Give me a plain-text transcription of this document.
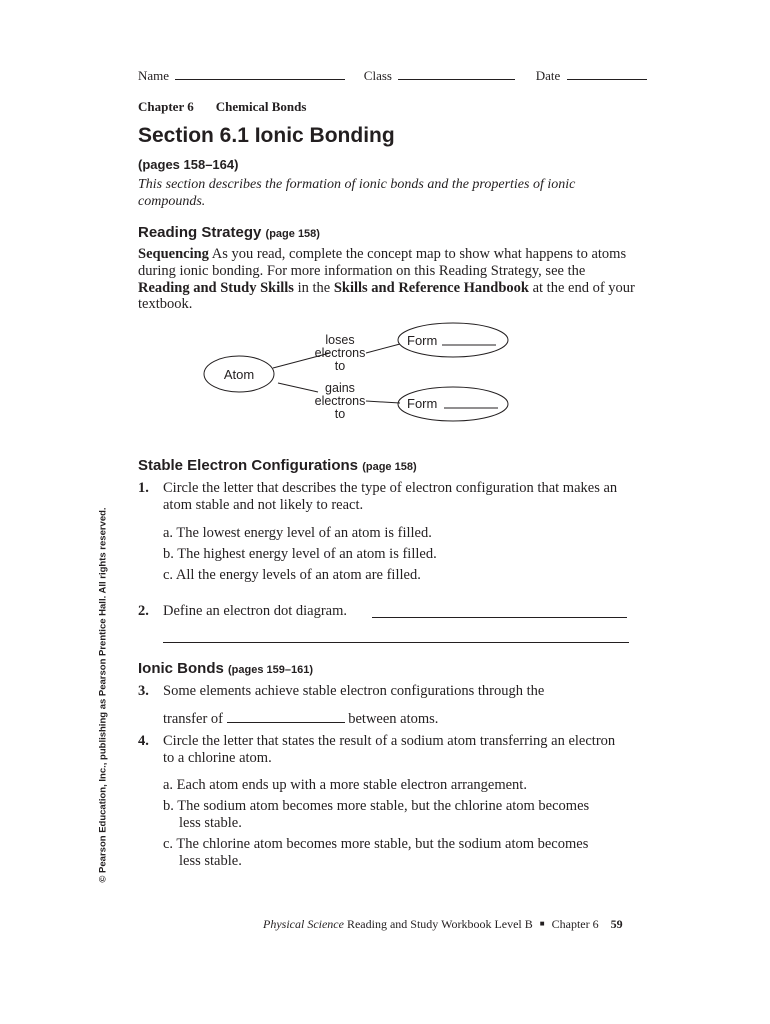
Name	Class	Date
Chapter 6 Chemical Bonds
Section 6.1 Ionic Bonding
(pages 158–164)
This section describes the formation of ionic bonds and the properties of ionic compounds.
Reading Strategy (page 158)
Sequencing As you read, complete the concept map to show what happens to atoms during ionic bonding. For more information on this Reading Strategy, see the Reading and Study Skills in the Skills and Reference Handbook at the end of your textbook.
Atom
loses
electrons
to
gains
electrons
to
Form
Form
Stable Electron Configurations (page 158)
1. Circle the letter that describes the type of electron configuration that makes an atom stable and not likely to react.
a. The lowest energy level of an atom is filled.
b. The highest energy level of an atom is filled.
c. All the energy levels of an atom are filled.
2. Define an electron dot diagram.
Ionic Bonds (pages 159–161)
3. Some elements achieve stable electron configurations through the
transfer of	between atoms.
4. Circle the letter that states the result of a sodium atom transferring an electron to a chlorine atom.
a. Each atom ends up with a more stable electron arrangement.
b. The sodium atom becomes more stable, but the chlorine atom becomes less stable.
c. The chlorine atom becomes more stable, but the sodium atom becomes less stable.
© Pearson Education, Inc., publishing as Pearson Prentice Hall. All rights reserved.
Physical Science Reading and Study Workbook Level B ■ Chapter 6 59
